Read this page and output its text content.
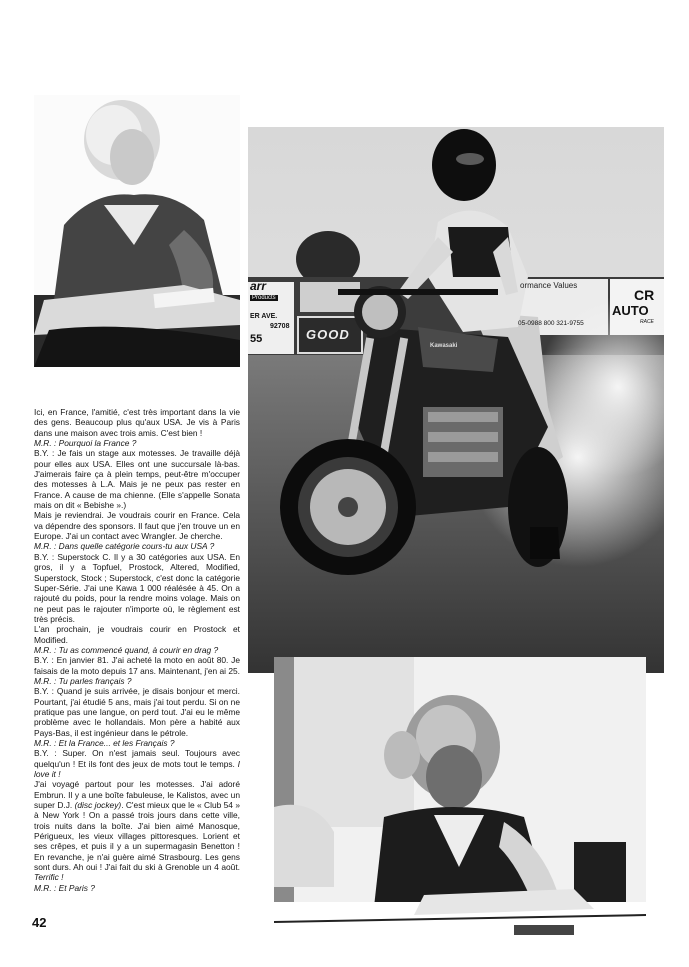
arr
Products
ER AVE.
92708
55	GOOD
ormance Values
05-0988 800 321-9755
CR
AUTO
RACE
Kawasaki

Ici, en France, l'amitié, c'est très important dans la vie des gens. Beaucoup plus qu'aux USA. Je vis à Paris dans une maison avec trois amis. C'est bien !

M.R. : Pourquoi la France ?

B.Y. : Je fais un stage aux motesses. Je travaille déjà pour elles aux USA. Elles ont une succursale là-bas. J'aimerais faire ça à plein temps, peut-être m'occuper des motesses à L.A. Mais je ne peux pas rester en France. A cause de ma chienne. (Elle s'appelle Sonata mais on dit « Bebishe ».)

Mais je reviendrai. Je voudrais courir en France. Cela va dépendre des sponsors. Il faut que j'en trouve un en Europe. J'ai un contact avec Wrangler. Je cherche.

M.R. : Dans quelle catégorie cours-tu aux USA ?

B.Y. : Superstock C. Il y a 30 catégories aux USA. En gros, il y a Topfuel, Prostock, Altered, Modified, Superstock, Stock ; Superstock, c'est donc la catégorie Super-Série. J'ai une Kawa 1 000 réalésée à 45. On a rajouté du poids, pour la rendre moins volage. Mais on ne peut pas le rajouter n'importe où, le règlement est très précis.

L'an prochain, je voudrais courir en Prostock et Modified.

M.R. : Tu as commencé quand, à courir en drag ?

B.Y. : En janvier 81. J'ai acheté la moto en août 80. Je faisais de la moto depuis 17 ans. Maintenant, j'en ai 25.

M.R. : Tu parles français ?

B.Y. : Quand je suis arrivée, je disais bonjour et merci. Pourtant, j'ai étudié 5 ans, mais j'ai tout perdu. Si on ne pratique pas une langue, on perd tout. J'ai eu le même problème avec le hollandais. Mon père a habité aux Pays-Bas, il est ingénieur dans le pétrole.

M.R. : Et la France... et les Français ?

B.Y. : Super. On n'est jamais seul. Toujours avec quelqu'un ! Et ils font des jeux de mots tout le temps. I love it !

J'ai voyagé partout pour les motesses. J'ai adoré Embrun. Il y a une boîte fabuleuse, le Kalistos, avec un super D.J. (disc jockey). C'est mieux que le « Club 54 » à New York ! On a passé trois jours dans cette ville, trois nuits dans la boîte. J'ai bien aimé Manosque, Périgueux, les vieux villages pittoresques. Lorient et ses crêpes, et puis il y a un supermagasin Benetton ! En revanche, je n'ai guère aimé Strasbourg. Les gens sont durs. Ah oui ! J'ai fait du ski à Grenoble un 4 août. Terrific !

M.R. : Et Paris ?

42
